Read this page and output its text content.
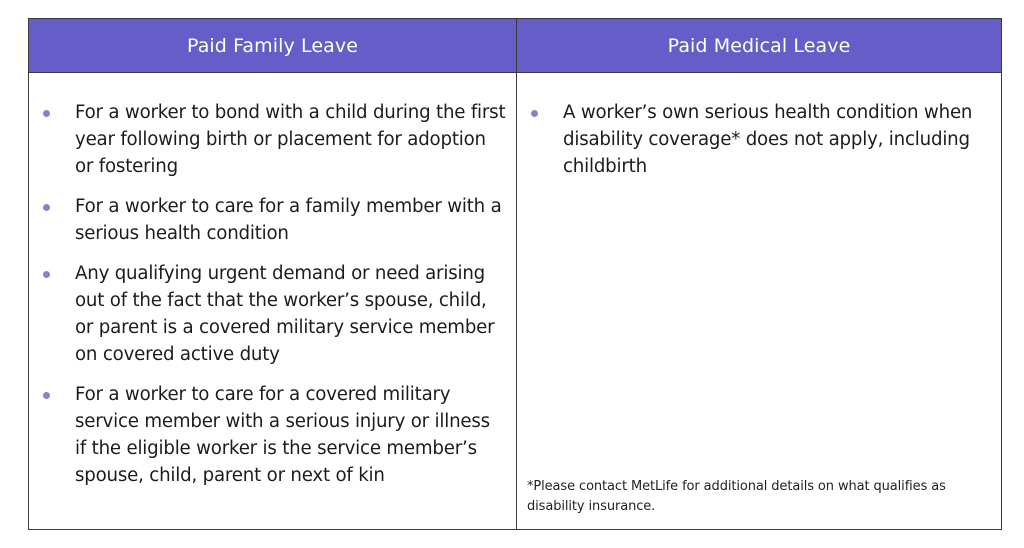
Paid Family Leave	Paid Medical Leave
For a worker to bond with a child during the first year following birth or placement for adoption or fostering
For a worker to care for a family member with a serious health condition
Any qualifying urgent demand or need arising out of the fact that the worker’s spouse, child, or parent is a covered military service member on covered active duty
For a worker to care for a covered military service member with a serious injury or illness if the eligible worker is the service member’s spouse, child, parent or next of kin
A worker’s own serious health condition when disability coverage* does not apply, including childbirth
*Please contact MetLife for additional details on what qualifies as disability insurance.
